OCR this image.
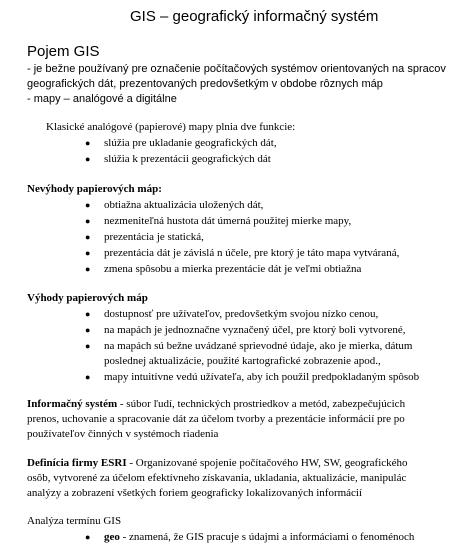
GIS – geografický informačný systém
Pojem GIS
- je bežne používaný pre označenie počítačových systémov orientovaných na spracov
geografických dát, prezentovaných predovšetkým v obdobe rôznych máp
- mapy – analógové a digitálne
Klasické analógové (papierové) mapy plnia dve funkcie:
● slúžia pre ukladanie geografických dát,
● slúžia k prezentácii geografických dát
Nevýhody papierových máp:
● obtiažna aktualizácia uložených dát,
● nezmeniteľná hustota dát úmerná použitej mierke mapy,
● prezentácia je statická,
● prezentácia dát je závislá n účele, pre ktorý je táto mapa vytváraná,
● zmena spôsobu a mierka prezentácie dát je veľmi obtiažna
Výhody papierových máp
● dostupnosť pre užívateľov, predovšetkým svojou nízko cenou,
● na mapách je jednoznačne vyznačený účel, pre ktorý boli vytvorené,
● na mapách sú bežne uvádzané sprievodné údaje, ako je mierka, dátum
poslednej aktualizácie, použité kartografické zobrazenie apod.,
● mapy intuitívne vedú užívateľa, aby ich použil predpokladaným spôsob
Informačný systém - súbor ľudí, technických prostriedkov a metód, zabezpečujúcich
prenos, uchovanie a spracovanie dát za účelom tvorby a prezentácie informácií pre po
používateľov činných v systémoch riadenia
Definícia firmy ESRI - Organizované spojenie počítačového HW, SW, geografického
osôb, vytvorené za účelom efektívneho získavania, ukladania, aktualizácie, manipulác
analýzy a zobrazení všetkých foriem geograficky lokalizovaných informácií
Analýza termínu GIS
● geo - znamená, že GIS pracuje s údajmi a informáciami o fenoménoch
